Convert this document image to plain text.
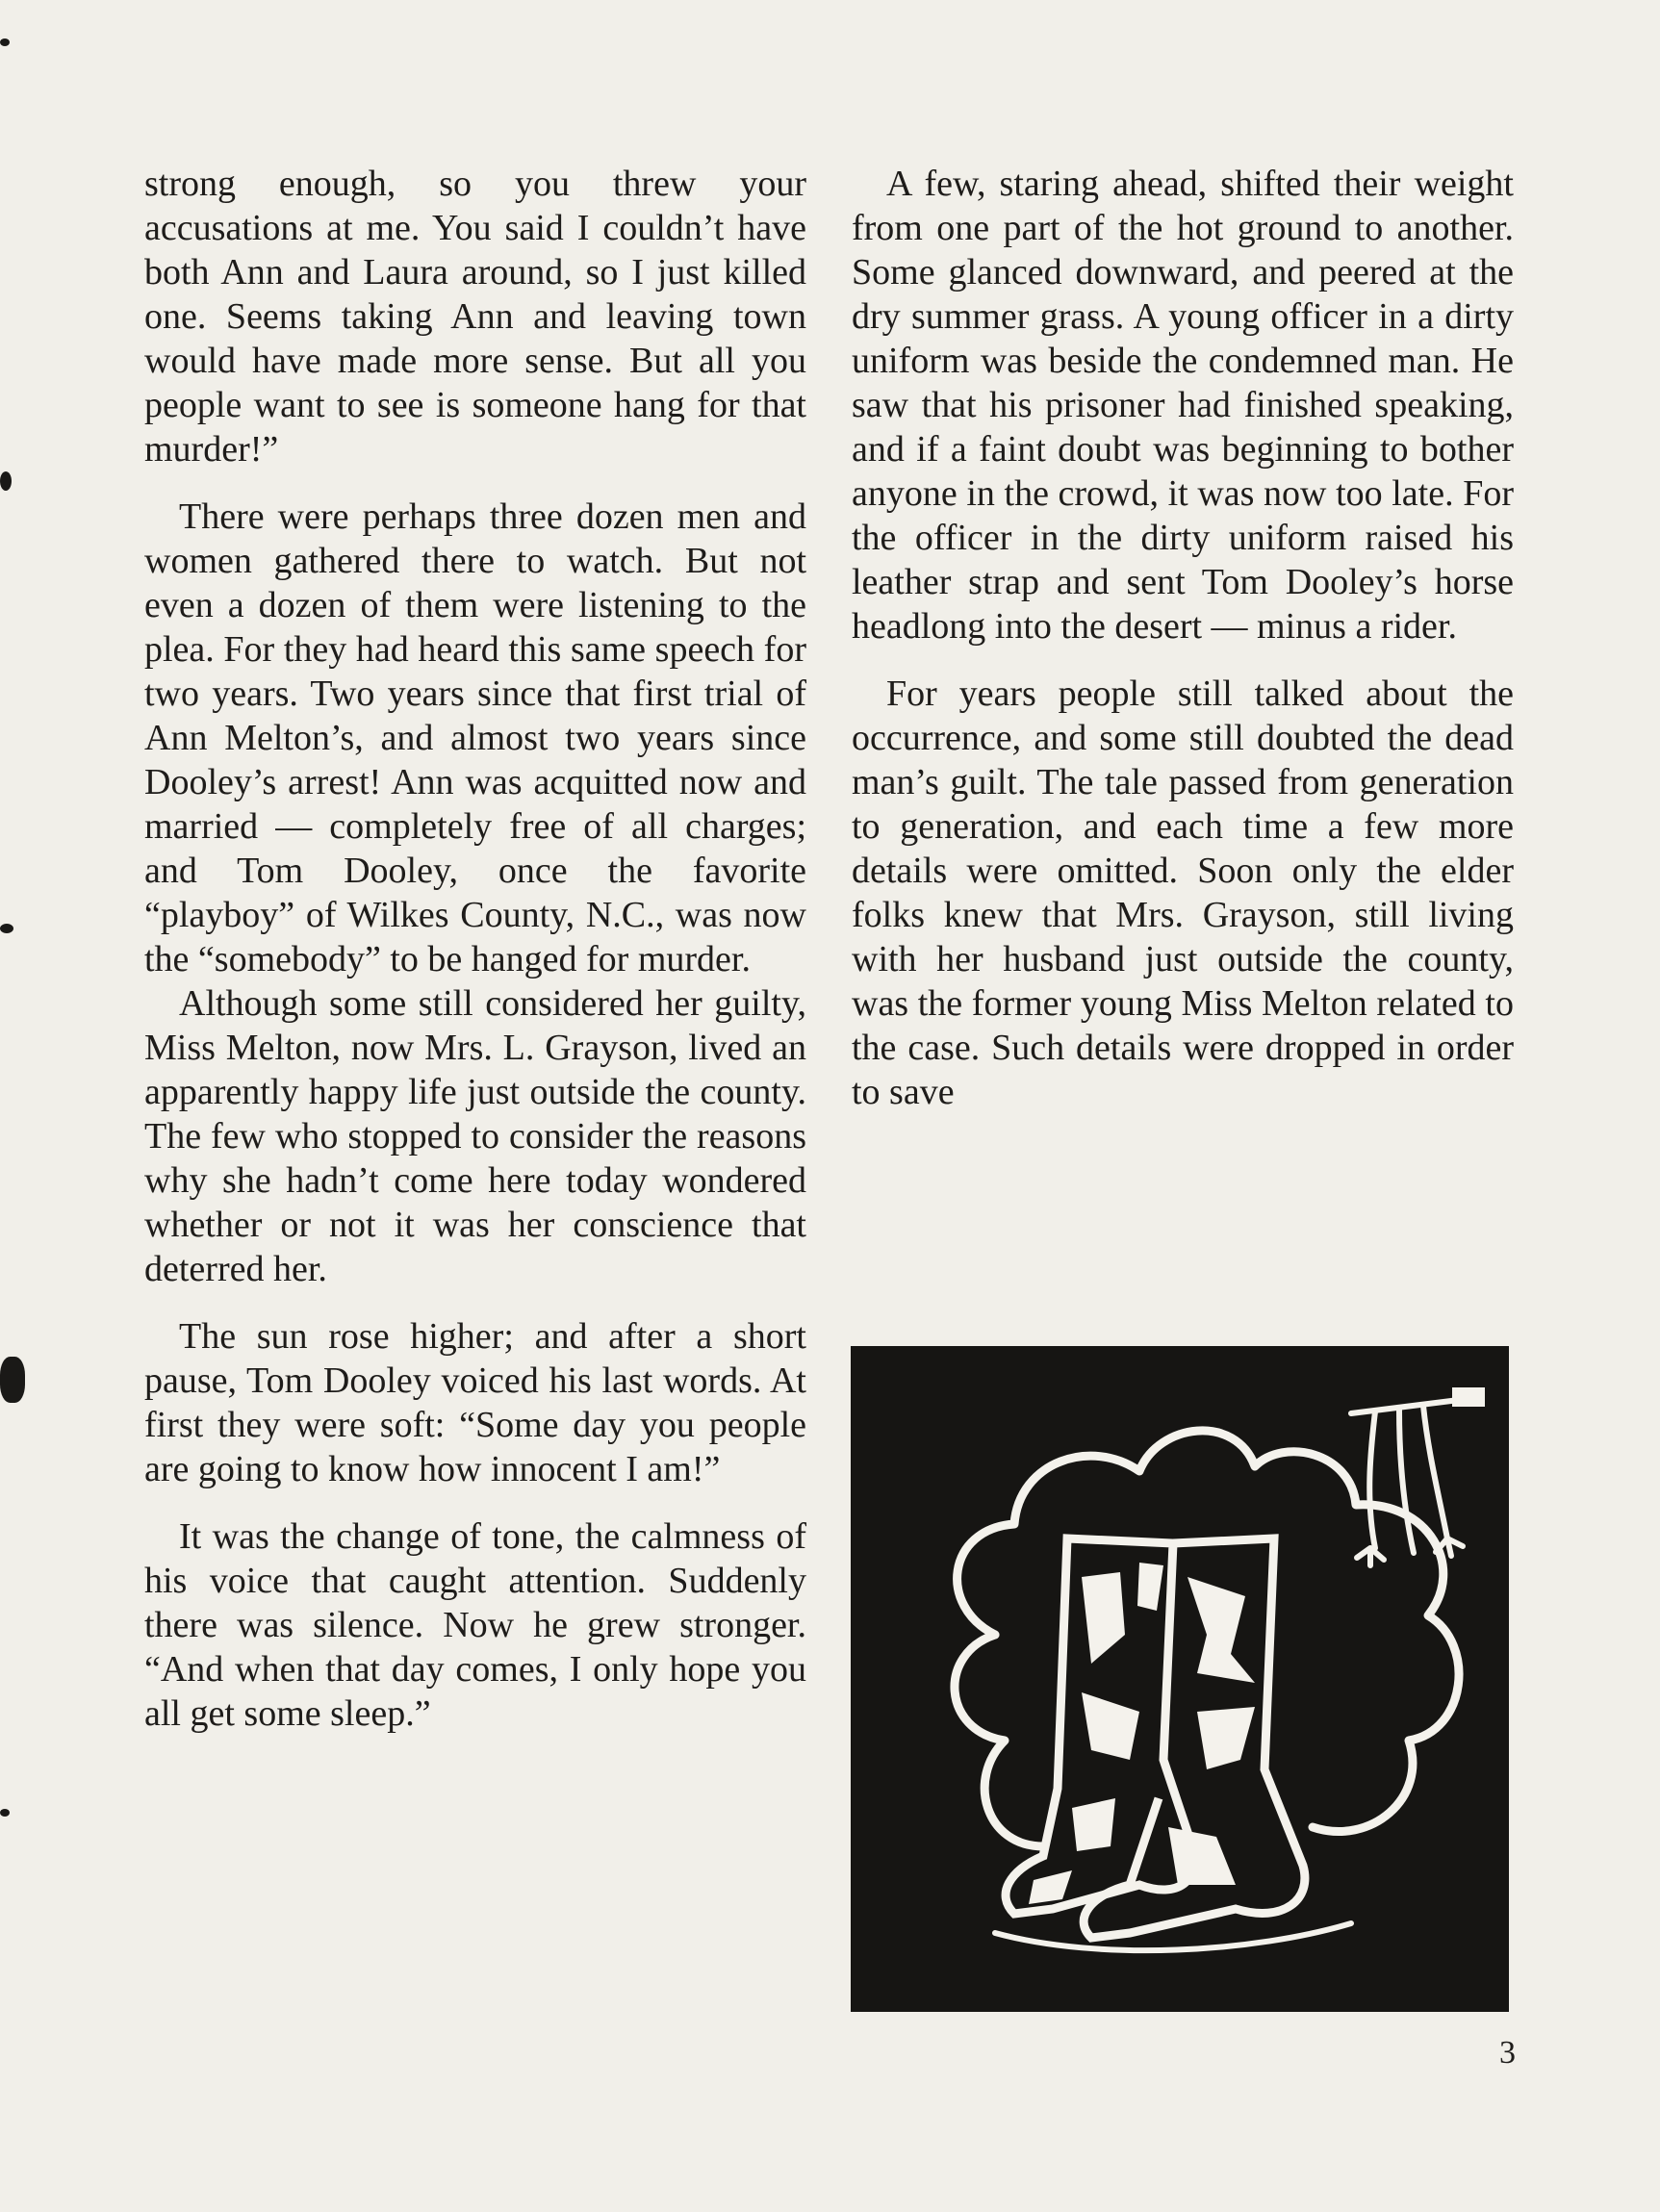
strong enough, so you threw your accusations at me. You said I couldn’t have both Ann and Laura around, so I just killed one. Seems taking Ann and leaving town would have made more sense. But all you people want to see is someone hang for that murder!”

There were perhaps three dozen men and women gathered there to watch. But not even a dozen of them were listening to the plea. For they had heard this same speech for two years. Two years since that first trial of Ann Melton’s, and almost two years since Dooley’s arrest! Ann was acquitted now and married — completely free of all charges; and Tom Dooley, once the favorite “playboy” of Wilkes County, N.C., was now the “somebody” to be hanged for murder.

Although some still considered her guilty, Miss Melton, now Mrs. L. Grayson, lived an apparently happy life just outside the county. The few who stopped to consider the reasons why she hadn’t come here today wondered whether or not it was her conscience that deterred her.

The sun rose higher; and after a short pause, Tom Dooley voiced his last words. At first they were soft: “Some day you people are going to know how innocent I am!”

It was the change of tone, the calmness of his voice that caught attention. Suddenly there was silence. Now he grew stronger. “And when that day comes, I only hope you all get some sleep.”

A few, staring ahead, shifted their weight from one part of the hot ground to another. Some glanced downward, and peered at the dry summer grass. A young officer in a dirty uniform was beside the condemned man. He saw that his prisoner had finished speaking, and if a faint doubt was beginning to bother anyone in the crowd, it was now too late. For the officer in the dirty uniform raised his leather strap and sent Tom Dooley’s horse headlong into the desert — minus a rider.

For years people still talked about the occurrence, and some still doubted the dead man’s guilt. The tale passed from generation to generation, and each time a few more details were omitted. Soon only the elder folks knew that Mrs. Grayson, still living with her husband just outside the county, was the former young Miss Melton related to the case. Such details were dropped in order to save

3
